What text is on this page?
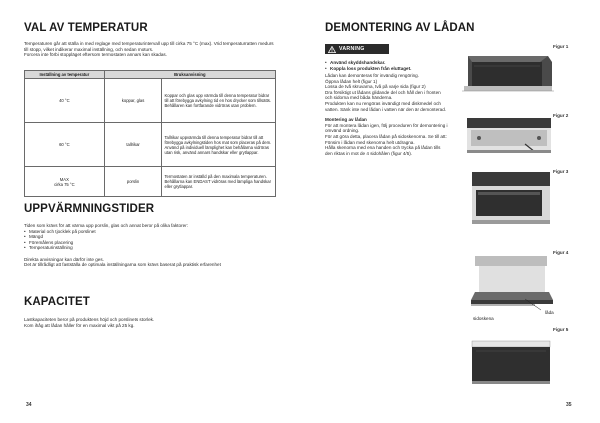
VAL AV TEMPERATUR

Temperaturen går att ställa in med reglage med temperaturintervall upp till cirka 75 °C (max). Vrid temperaturratten medurs till stopp, vilket indikerar maximal inställning, och sedan moturs.

Forcera inte förbi stoppläget eftersom termostaten annars kan skadas.

Inställning av temperatur	Bruksanvisning	
40 °C	koppar, glas	Koppar och glas upp värmda till denna temperatur bidrar till att förebygga avkylning tid en hos drycker som tillsätts. Behållaren kan fortfarande vidröras utan problem.
60 °C	tallrikar	Tallrikar uppvärmda till denna temperatur bidrar till att förebygga avkylningstiden hos mat som placeras på dem. Använd på individuell lämplighet kan behållarna vidröras utan risk, använd annars handskar eller grytlappar.
MAX
cirka 75 °C	porslin	Termostaten är inställd på den maximala temperaturen. Behållarna kan ENDAST vidröras med lämpliga handskar eller grytlappar.
UPPVÄRMNINGSTIDER

Tiden som krävs för att värma upp porslin, glas och annat beror på olika faktorer:

• Material och tjocklek på porslinet
• Mängd
• Föremålens placering
• Temperaturinställning

Direkta anvisningar kan därför inte ges.

Det är tillrådligt att fastställa de optimala inställningarna som krävs baserat på praktisk erfarenhet

KAPACITET

Lastkapaciteten beror på produktens höjd och porslinets storlek.

Kom ihåg att lådan håller för en maximal vikt på 25 kg.

34
DEMONTERING AV LÅDAN
• Använd skyddshandskar.
• Koppla loss produkten från eluttaget.

Lådan kan demonteras för invändig rengöring.

Öppna lådan helt (figur 1)

Lossa de två skruvarna, två på varje sida (figur 2)

Dra försiktigt ut lådans glidande del och håll den i fronten och sidorna med båda händerna.

Produkten kan nu rengöras invändigt med diskmedel och vatten. Sänk inte ned lådan i vatten när den är demonterad.

Montering av lådan

För att montera lådan igen, följ proceduren för demontering i omvänd ordning.

För att göra detta, placera lådan på sidoskenorna. Se till att:

Fönsim i lådan med skenorna helt utdragna.

Hålla skenorna med ena handen och trycka på lådan tills den riktas in mot de 4 sidohålen (figur 4/5).

Figur 1
Figur 2
Figur 3
Figur 4
Figur 5
låda
sidoskena
35
VARNING
